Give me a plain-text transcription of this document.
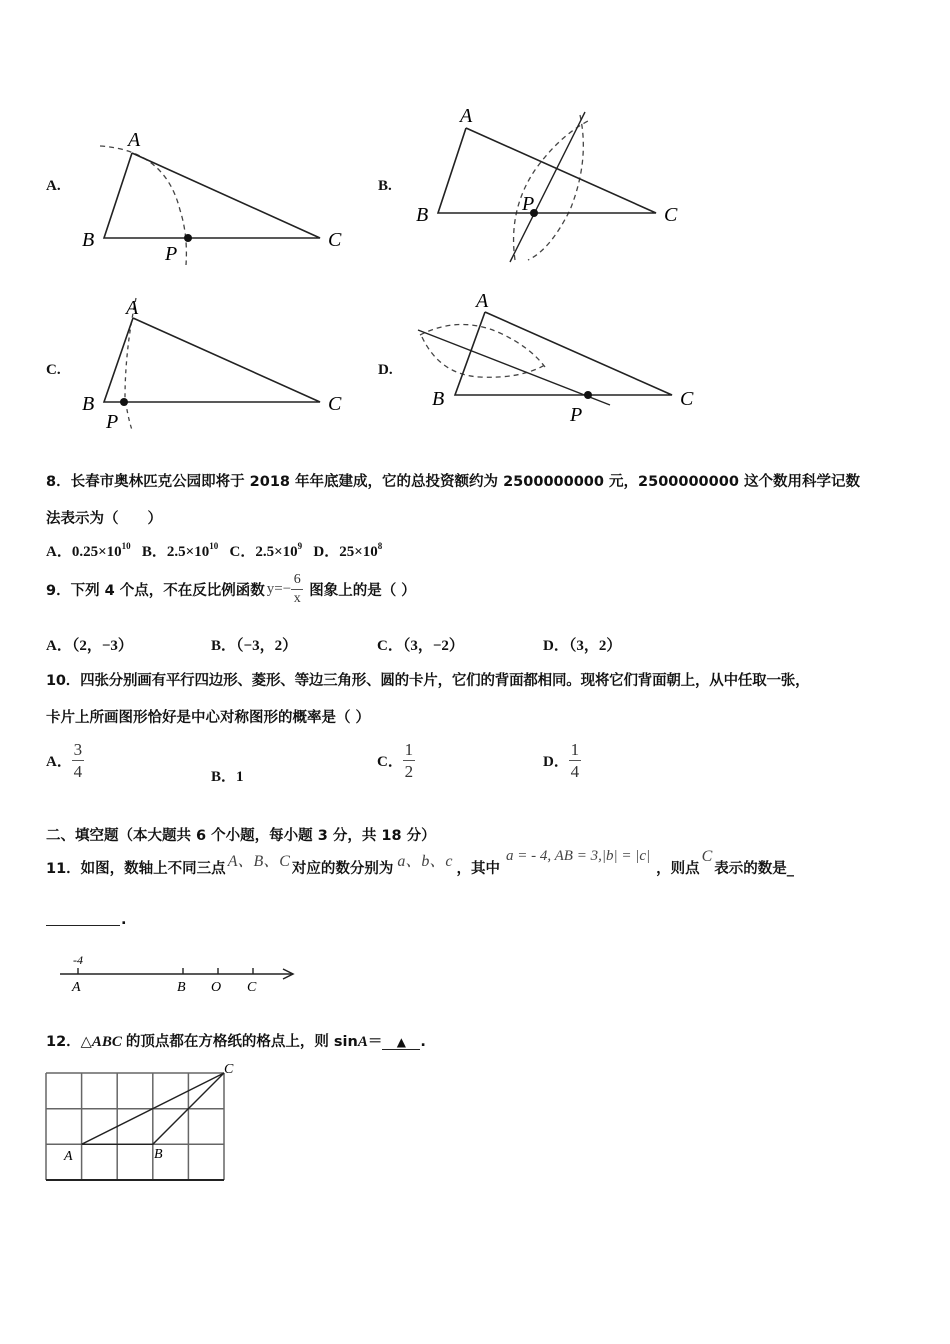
A.
A
B	C
P
B.
A
B	C
P
C.
A
B	C
P
D.
A
B	C
P
8．长春市奥林匹克公园即将于 2018 年年底建成，它的总投资额约为 2500000000 元，2500000000 这个数用科学记数
法表示为（　　）
A．$0.25\times 10^{10}$ B．$2.5\times 10^{10}$ C．$2.5\times 10^9$ D．$25\times 10^8$
9．下列 4 个点，不在反比例函数 $y=- \frac{6}{x}$ 图象上的是（ ）
A．（2，−3）	B．（−3，2）	C．（3，−2）	D．（3，2）
10．四张分别画有平行四边形、菱形、等边三角形、圆的卡片，它们的背面都相同。现将它们背面朝上，从中任取一张，
卡片上所画图形恰好是中心对称图形的概率是（ ）
A． $\frac{3}{4}$	B．1
C． $\frac{1}{2}$	D． $\frac{1}{4}$
二、填空题（本大题共 6 个小题，每小题 3 分，共 18 分）
11．如图，数轴上不同三点 A、B、C 对应的数分别为 a、b、c ，其中
a = - 4, AB = 3,|b| = |c|
，则点
C
表示的数是_
.
-4
A	B O C
12．△ ABC 的顶点都在方格纸的格点上，则 sin A ＝	▲ .
A	B
C
